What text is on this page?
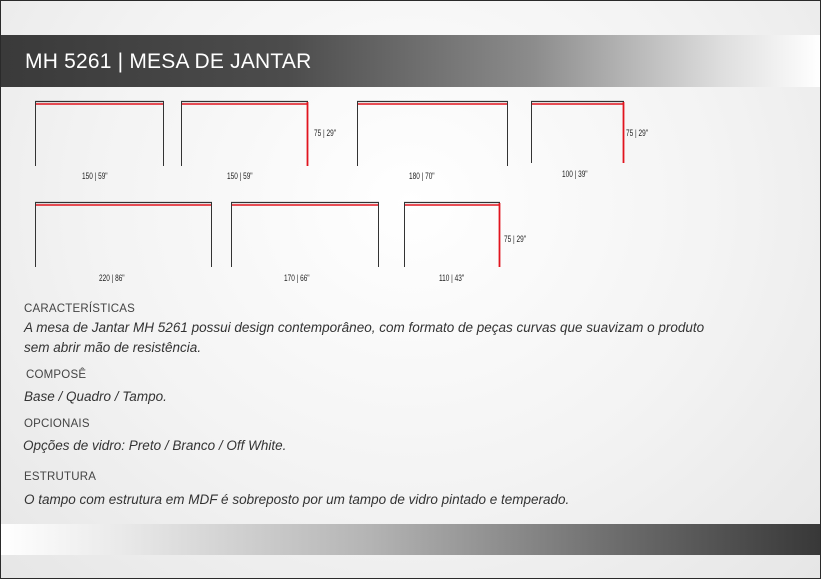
MH 5261 | MESA DE JANTAR
150 | 59"	150 | 59"
75 | 29"
180 | 70"	100 | 39"
75 | 29"
220 | 86"	170 | 66"	110 | 43"
75 | 29"
CARACTERÍSTICAS
A mesa de Jantar MH 5261 possui design contemporâneo, com formato de peças curvas que suavizam o produto
sem abrir mão de resistência.
COMPOSÊ
Base / Quadro / Tampo.
OPCIONAIS
Opções de vidro: Preto / Branco / Off White.
ESTRUTURA
O tampo com estrutura em MDF é sobreposto por um tampo de vidro pintado e temperado.
